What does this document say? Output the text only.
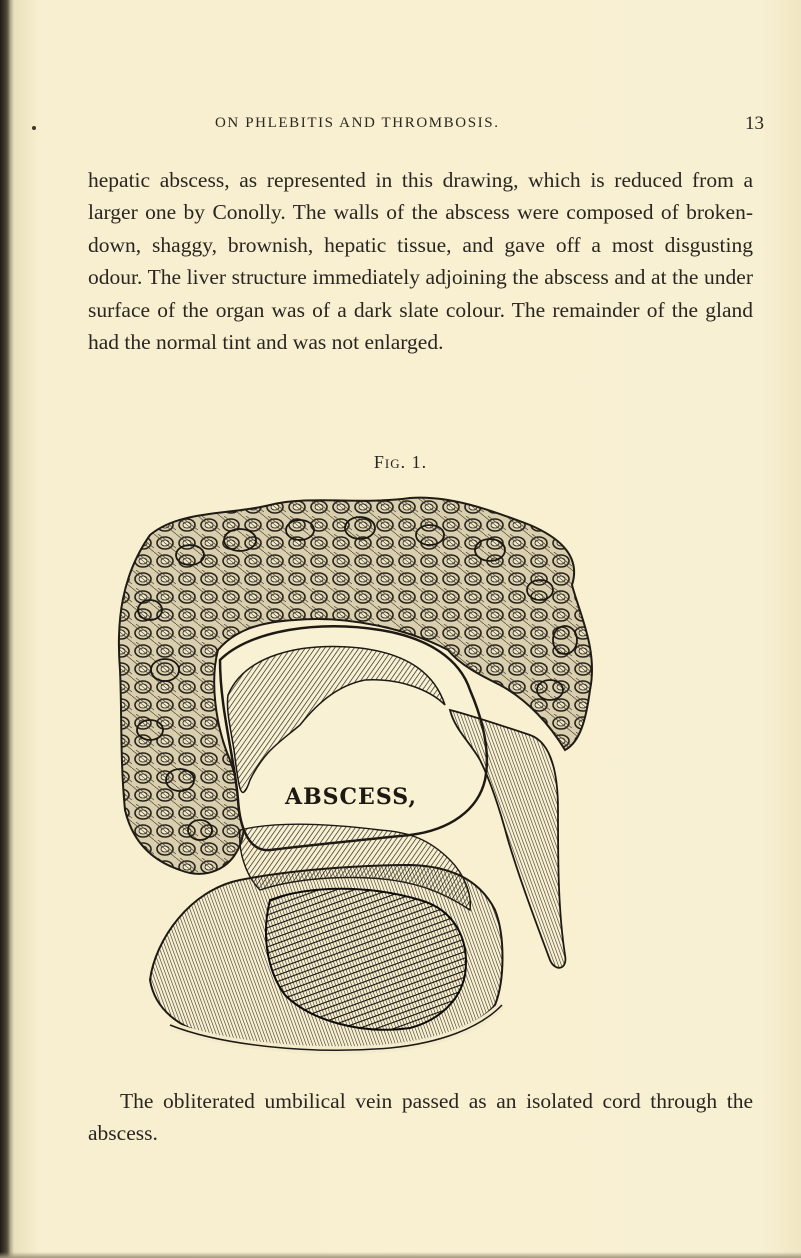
ON PHLEBITIS AND THROMBOSIS.	13
hepatic abscess, as represented in this drawing, which is reduced from a larger one by Conolly. The walls of the abscess were composed of broken-down, shaggy, brownish, hepatic tissue, and gave off a most disgusting odour. The liver structure immediately adjoining the abscess and at the under surface of the organ was of a dark slate colour. The remainder of the gland had the normal tint and was not enlarged.
Fig. 1.
ABSCESS,
The obliterated umbilical vein passed as an isolated cord through the abscess.
